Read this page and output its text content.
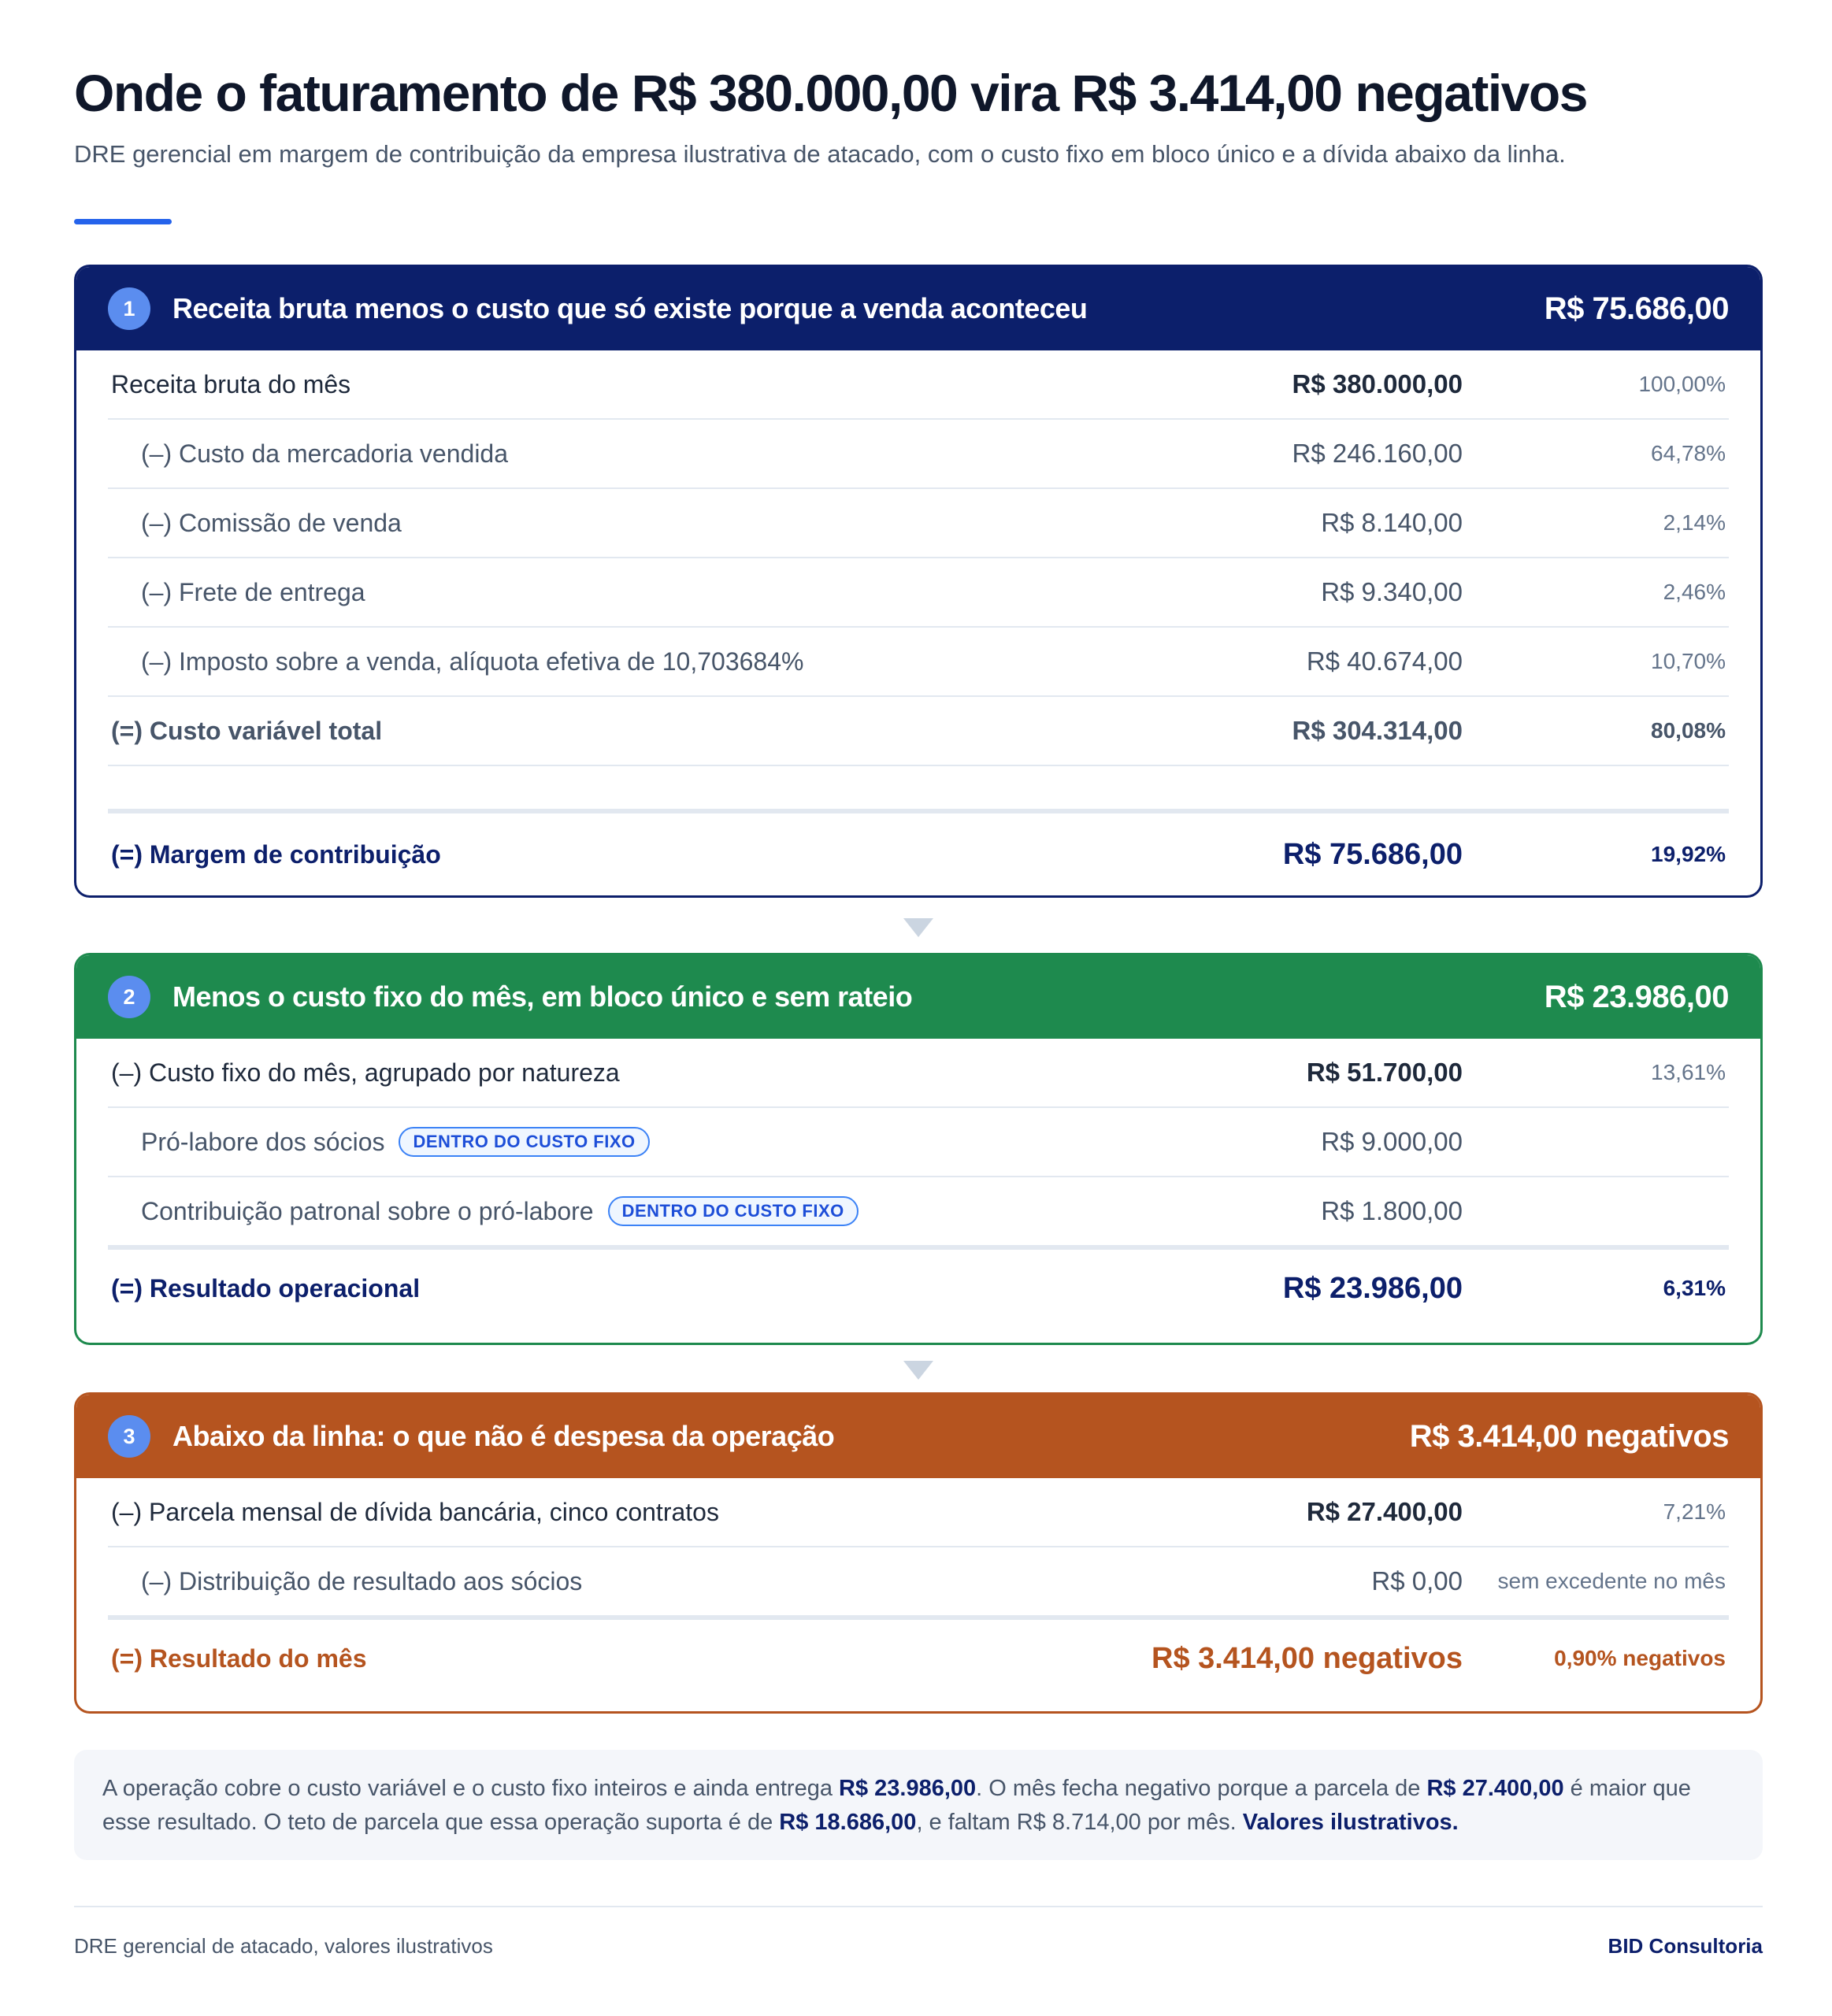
Onde o faturamento de R$ 380.000,00 vira R$ 3.414,00 negativos

DRE gerencial em margem de contribuição da empresa ilustrativa de atacado, com o custo fixo em bloco único e a dívida abaixo da linha.

1	Receita bruta menos o custo que só existe porque a venda aconteceu	R$ 75.686,00
Receita bruta do mês	R$ 380.000,00	100,00%
(–) Custo da mercadoria vendida	R$ 246.160,00	64,78%
(–) Comissão de venda	R$ 8.140,00	2,14%
(–) Frete de entrega	R$ 9.340,00	2,46%
(–) Imposto sobre a venda, alíquota efetiva de 10,703684%	R$ 40.674,00	10,70%
(=) Custo variável total	R$ 304.314,00	80,08%
(=) Margem de contribuição	R$ 75.686,00	19,92%
2	Menos o custo fixo do mês, em bloco único e sem rateio	R$ 23.986,00
(–) Custo fixo do mês, agrupado por natureza	R$ 51.700,00	13,61%
Pró-labore dos sócios	DENTRO DO CUSTO FIXO	R$ 9.000,00
Contribuição patronal sobre o pró-labore	DENTRO DO CUSTO FIXO	R$ 1.800,00
(=) Resultado operacional	R$ 23.986,00	6,31%
3	Abaixo da linha: o que não é despesa da operação	R$ 3.414,00 negativos
(–) Parcela mensal de dívida bancária, cinco contratos	R$ 27.400,00	7,21%
(–) Distribuição de resultado aos sócios	R$ 0,00 sem excedente no mês
(=) Resultado do mês	R$ 3.414,00 negativos	0,90% negativos
A operação cobre o custo variável e o custo fixo inteiros e ainda entrega R$ 23.986,00. O mês fecha negativo porque a parcela de R$ 27.400,00 é maior que esse resultado. O teto de parcela que essa operação suporta é de R$ 18.686,00, e faltam R$ 8.714,00 por mês. Valores ilustrativos.
DRE gerencial de atacado, valores ilustrativos	BID Consultoria
